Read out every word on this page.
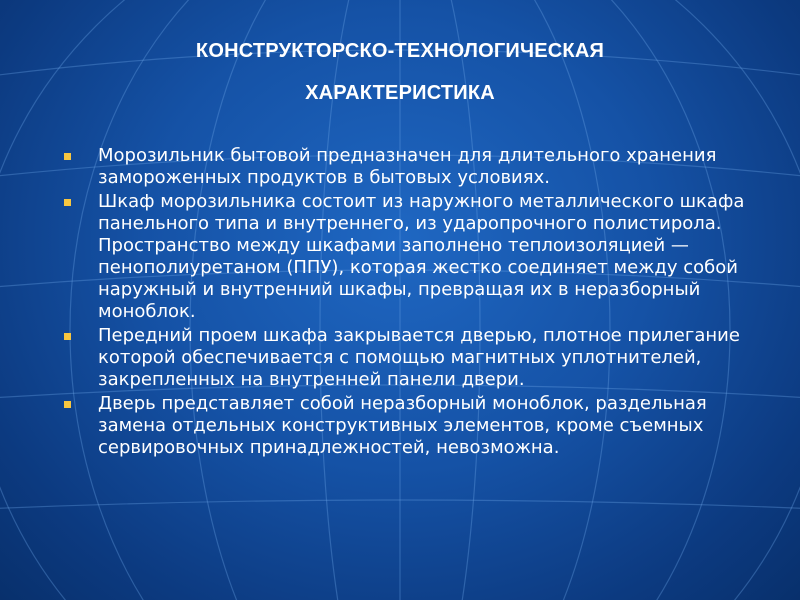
КОНСТРУКТОРСКО-ТЕХНОЛОГИЧЕСКАЯ
ХАРАКТЕРИСТИКА
Морозильник бытовой предназначен для длительного хранения замороженных продуктов в бытовых условиях.
Шкаф морозильника состоит из наружного металлического шкафа панельного типа и внутреннего, из ударопрочного полистирола. Пространство между шкафами заполнено теплоизоляцией — пенополиуретаном (ППУ), которая жестко соединяет между собой наружный и внутренний шкафы, превращая их в неразборный моноблок.
Передний проем шкафа закрывается дверью, плотное прилегание которой обеспечивается с помощью магнитных уплотнителей, закрепленных на внутренней панели двери.
Дверь представляет собой неразборный моноблок, раздельная замена отдельных конструктивных элементов, кроме съемных сервировочных принадлежностей, невозможна.
